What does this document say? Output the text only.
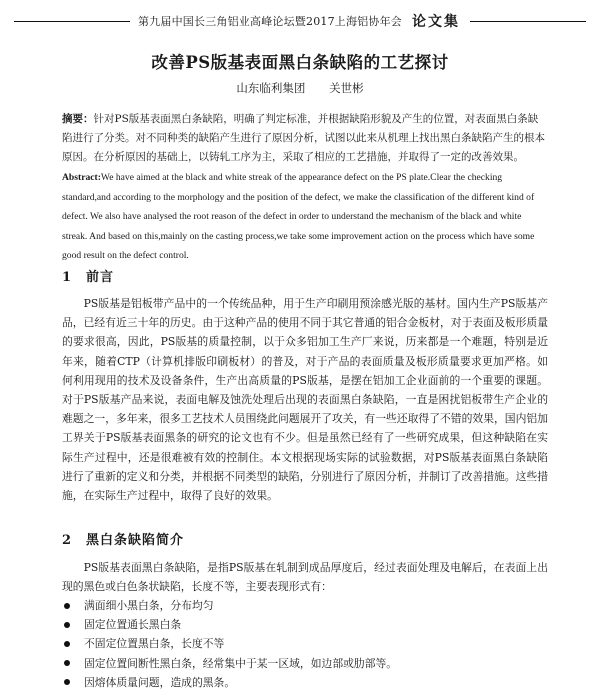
第九届中国长三角铝业高峰论坛暨2017上海铝协年会 论文集
改善PS版基表面黑白条缺陷的工艺探讨
山东临利集团 关世彬

摘要：针对PS版基表面黑白条缺陷，明确了判定标准，并根据缺陷形貌及产生的位置，对表面黑白条缺陷进行了分类。对不同种类的缺陷产生进行了原因分析，试图以此来从机理上找出黑白条缺陷产生的根本原因。在分析原因的基础上，以铸轧工序为主，采取了相应的工艺措施，并取得了一定的改善效果。

Abstract:We have aimed at the black and white streak of the appearance defect on the PS plate.Clear the checking standard,and according to the morphology and the position of the defect, we make the classification of the different kind of defect. We also have analysed the root reason of the defect in order to understand the mechanism of the black and white streak. And based on this,mainly on the casting process,we take some improvement action on the process which have some good result on the defect control.

1 前言

PS版基是铝板带产品中的一个传统品种，用于生产印刷用预涂感光版的基材。国内生产PS版基产品，已经有近三十年的历史。由于这种产品的使用不同于其它普通的铝合金板材，对于表面及板形质量的要求很高，因此，PS版基的质量控制，以于众多铝加工生产厂来说，历来都是一个难题，特别是近年来，随着CTP（计算机排版印刷板材）的普及，对于产品的表面质量及板形质量要求更加严格。如何利用现用的技术及设备条件，生产出高质量的PS版基，是摆在铝加工企业面前的一个重要的课题。对于PS版基产品来说，表面电解及蚀洗处理后出现的表面黑白条缺陷，一直是困扰铝板带生产企业的难题之一，多年来，很多工艺技术人员围绕此问题展开了攻关，有一些还取得了不错的效果，国内铝加工界关于PS版基表面黑条的研究的论文也有不少。但是虽然已经有了一些研究成果，但这种缺陷在实际生产过程中，还是很难被有效的控制住。本文根据现场实际的试验数据，对PS版基表面黑白条缺陷进行了重新的定义和分类，并根据不同类型的缺陷，分别进行了原因分析，并制订了改善措施。这些措施，在实际生产过程中，取得了良好的效果。

2 黑白条缺陷简介

PS版基表面黑白条缺陷，是指PS版基在轧制到成品厚度后，经过表面处理及电解后，在表面上出现的黑色或白色条状缺陷，长度不等，主要表现形式有：

满面细小黑白条，分布均匀
固定位置通长黑白条
不固定位置黑白条，长度不等
固定位置间断性黑白条，经常集中于某一区域，如边部或肋部等。
因熔体质量问题，造成的黑条。
